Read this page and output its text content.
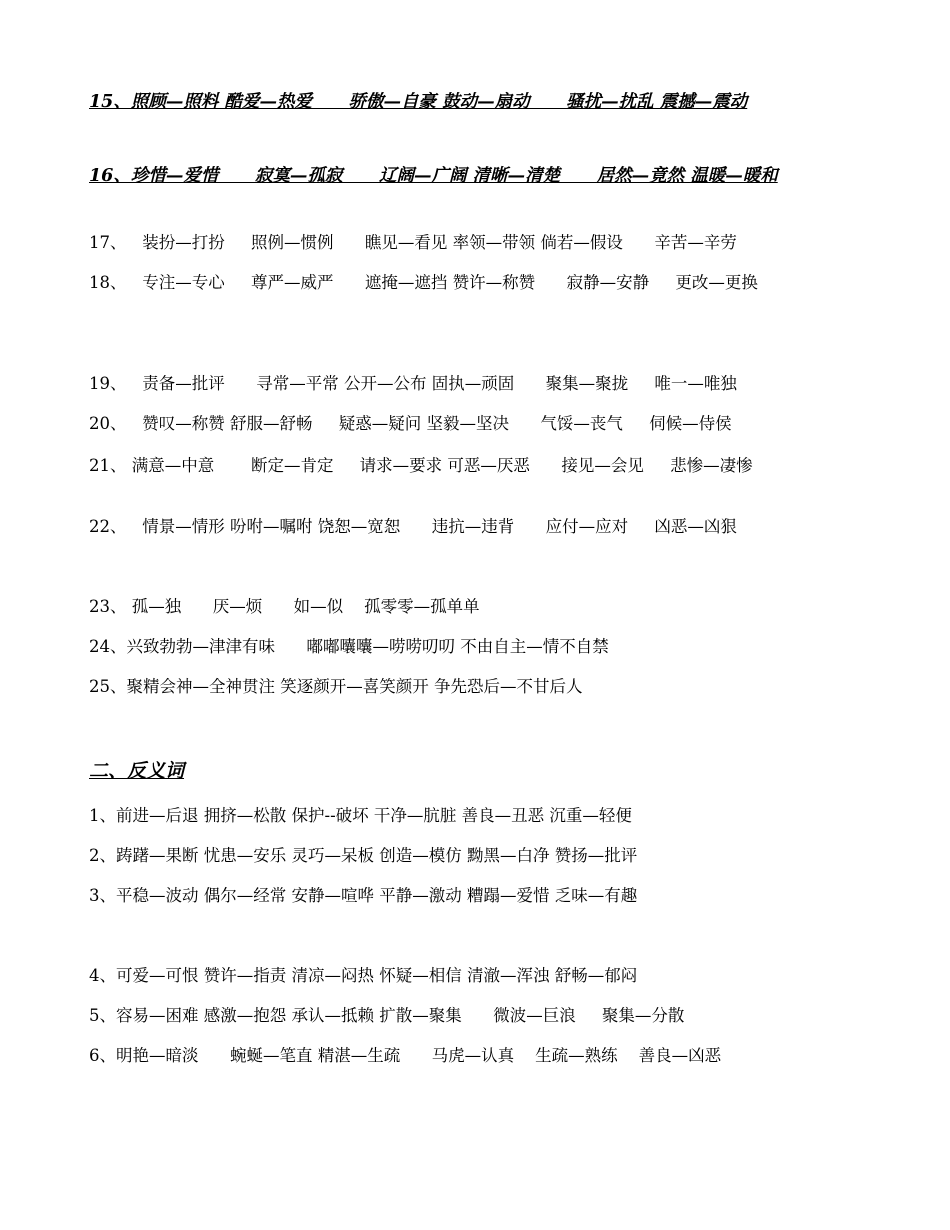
15、照顾—照料 酷爱—热爱      骄傲—自豪 鼓动—扇动      骚扰—扰乱 震撼—震动
16、珍惜—爱惜      寂寞—孤寂      辽阔—广阔 清晰—清楚      居然—竟然 温暖—暖和
17、   装扮—打扮     照例—惯例      瞧见—看见 率领—带领 倘若—假设      辛苦—辛劳
18、   专注—专心     尊严—威严      遮掩—遮挡 赞许—称赞      寂静—安静     更改—更换
19、   责备—批评      寻常—平常 公开—公布 固执—顽固      聚集—聚拢     唯一—唯独
20、   赞叹—称赞 舒服—舒畅     疑惑—疑问 坚毅—坚决      气馁—丧气     伺候—侍侯
21、 满意—中意       断定—肯定     请求—要求 可恶—厌恶      接见—会见     悲惨—凄惨
22、   情景—情形 吩咐—嘱咐 饶恕—宽恕      违抗—违背      应付—应对     凶恶—凶狠
23、 孤—独      厌—烦      如—似    孤零零—孤单单
24、兴致勃勃—津津有味      嘟嘟囔囔—唠唠叨叨 不由自主—情不自禁
25、聚精会神—全神贯注 笑逐颜开—喜笑颜开 争先恐后—不甘后人
二、反义词
1、前进—后退 拥挤—松散 保护--破坏 干净—肮脏 善良—丑恶 沉重—轻便
2、踌躇—果断 忧患—安乐 灵巧—呆板 创造—模仿 黝黑—白净 赞扬—批评
3、平稳—波动 偶尔—经常 安静—喧哗 平静—激动 糟蹋—爱惜 乏味—有趣
4、可爱—可恨 赞许—指责 清凉—闷热 怀疑—相信 清澈—浑浊 舒畅—郁闷
5、容易—困难 感激—抱怨 承认—抵赖 扩散—聚集      微波—巨浪     聚集—分散
6、明艳—暗淡      蜿蜒—笔直 精湛—生疏      马虎—认真    生疏—熟练    善良—凶恶
